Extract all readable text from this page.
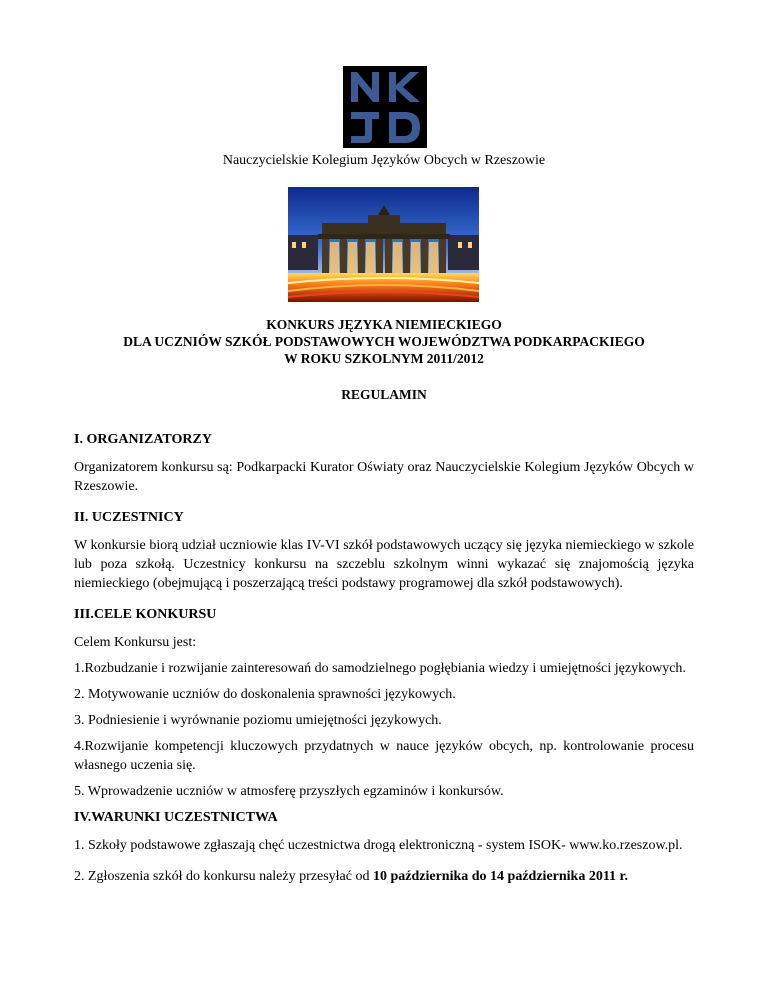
Nauczycielskie Kolegium Języków Obcych w Rzeszowie
KONKURS JĘZYKA NIEMIECKIEGO
DLA UCZNIÓW SZKÓŁ PODSTAWOWYCH WOJEWÓDZTWA PODKARPACKIEGO
W ROKU SZKOLNYM 2011/2012
REGULAMIN
I. ORGANIZATORZY

Organizatorem konkursu są: Podkarpacki Kurator Oświaty oraz Nauczycielskie Kolegium Języków Obcych w Rzeszowie.

II. UCZESTNICY

W konkursie biorą udział uczniowie klas IV-VI szkół podstawowych uczący się języka niemieckiego w szkole lub poza szkołą. Uczestnicy konkursu na szczeblu szkolnym winni wykazać się znajomością języka niemieckiego (obejmującą i poszerzającą treści podstawy programowej dla szkół podstawowych).

III.CELE KONKURSU

Celem Konkursu jest:

1.Rozbudzanie i rozwijanie zainteresowań do samodzielnego pogłębiania wiedzy i umiejętności językowych.

2. Motywowanie uczniów do doskonalenia sprawności językowych.

3. Podniesienie i wyrównanie poziomu umiejętności językowych.

4.Rozwijanie kompetencji kluczowych przydatnych w nauce języków obcych, np. kontrolowanie procesu własnego uczenia się.

5. Wprowadzenie uczniów w atmosferę przyszłych egzaminów i konkursów.

IV.WARUNKI UCZESTNICTWA

1. Szkoły podstawowe zgłaszają chęć uczestnictwa drogą elektroniczną - system ISOK- www.ko.rzeszow.pl.

2. Zgłoszenia szkół do konkursu należy przesyłać od 10 października do 14 października 2011 r.
